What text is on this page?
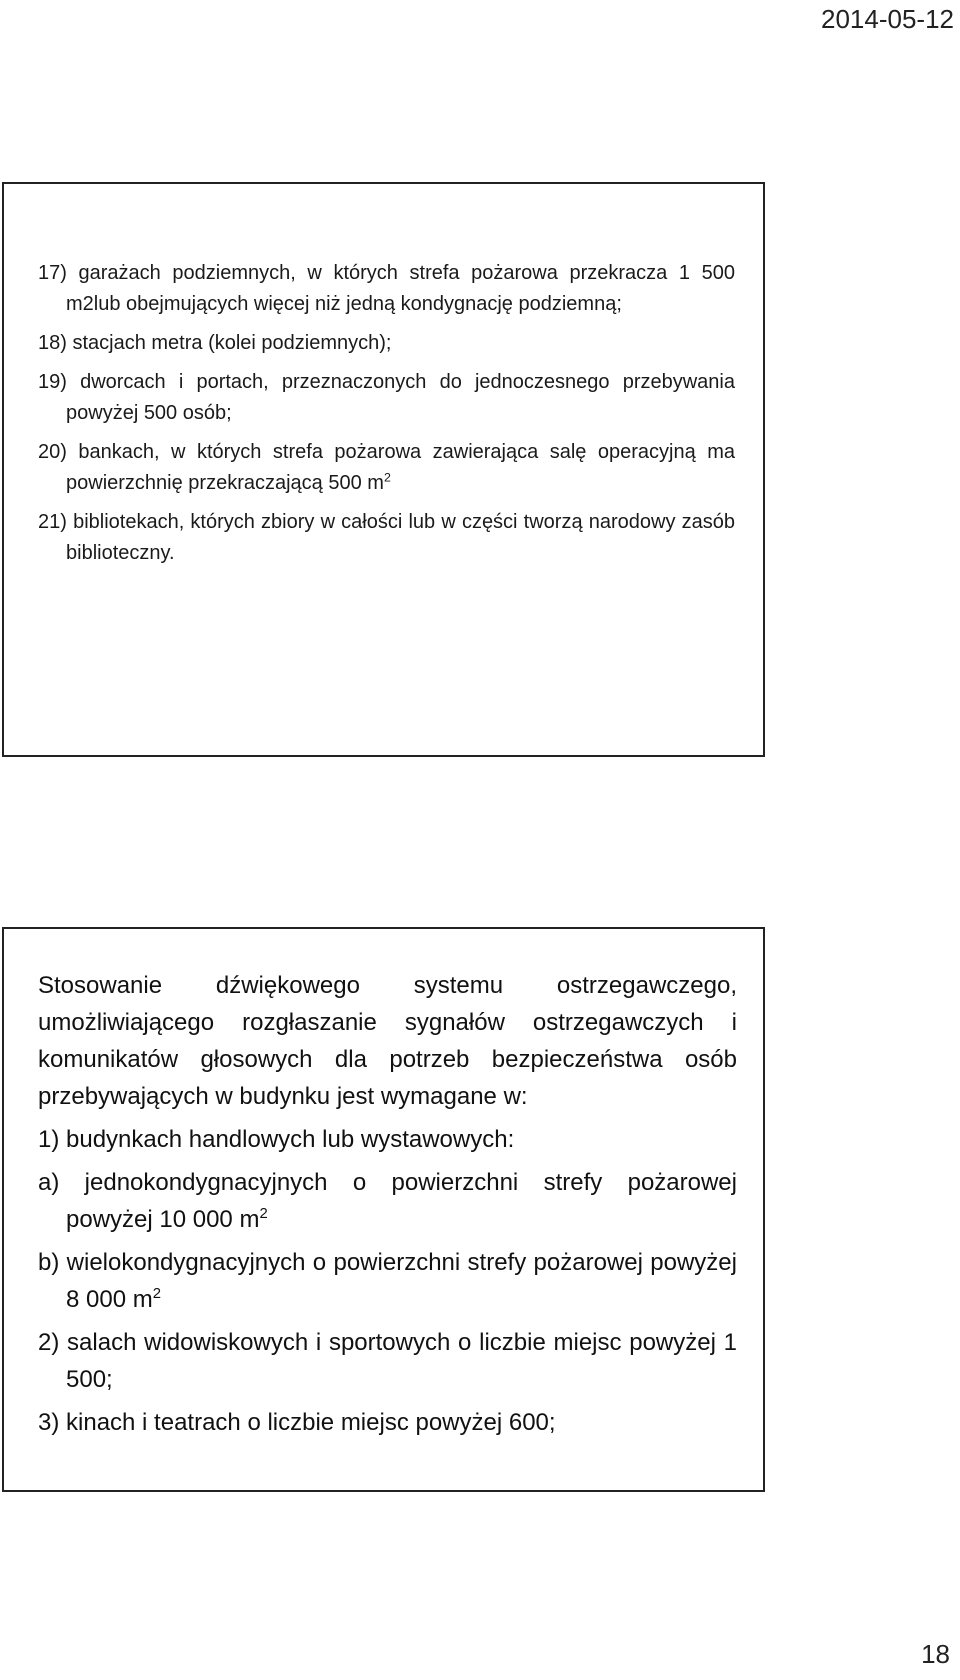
2014-05-12

17) garażach podziemnych, w których strefa pożarowa przekracza 1 500 m2lub obejmujących więcej niż jedną kondygnację podziemną;

18) stacjach metra (kolei podziemnych);

19) dworcach i portach, przeznaczonych do jednoczesnego przebywania powyżej 500 osób;

20) bankach, w których strefa pożarowa zawierająca salę operacyjną ma powierzchnię przekraczającą 500 $m^2$

21) bibliotekach, których zbiory w całości lub w części tworzą narodowy zasób biblioteczny.

Stosowanie dźwiękowego systemu ostrzegawczego, umożliwiającego rozgłaszanie sygnałów ostrzegawczych i komunikatów głosowych dla potrzeb bezpieczeństwa osób przebywających w budynku jest wymagane w:

1) budynkach handlowych lub wystawowych:

a) jednokondygnacyjnych o powierzchni strefy pożarowej powyżej 10 000 $m^2$

b) wielokondygnacyjnych o powierzchni strefy pożarowej powyżej 8 000 $m^2$

2) salach widowiskowych i sportowych o liczbie miejsc powyżej 1 500;

3) kinach i teatrach o liczbie miejsc powyżej 600;

18
